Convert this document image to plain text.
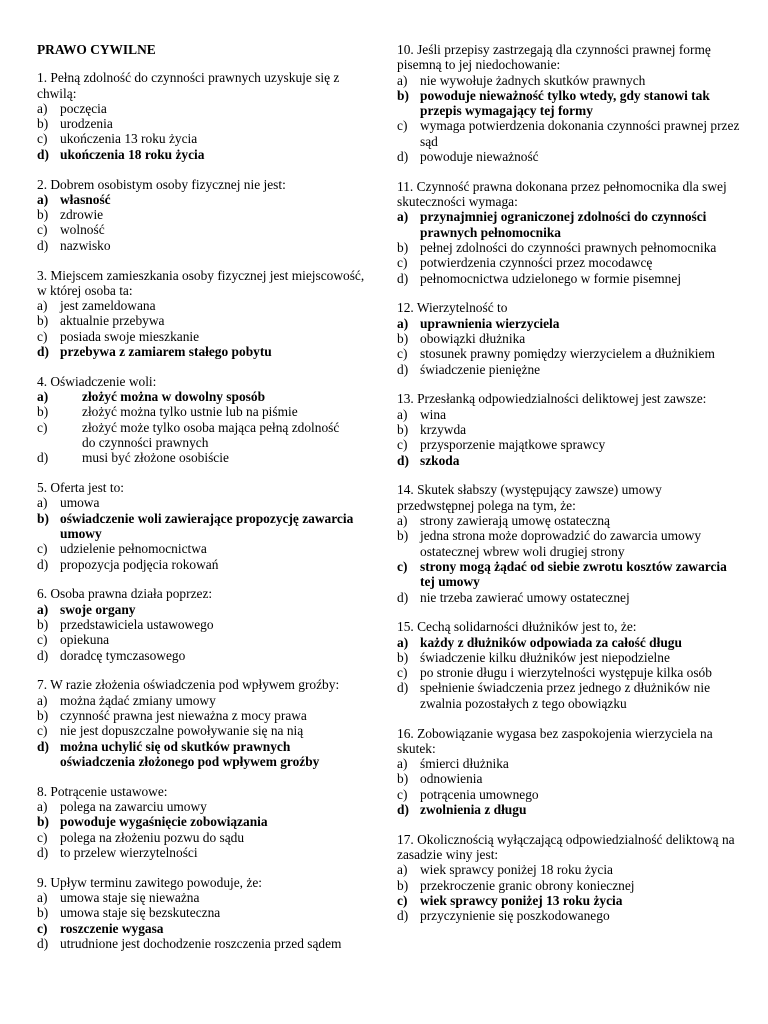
PRAWO CYWILNE

1. Pełną zdolność do czynności prawnych uzyskuje się z chwilą:

a) poczęcia
b) urodzenia
c) ukończenia 13 roku życia
d) ukończenia 18 roku życia

2. Dobrem osobistym osoby fizycznej nie jest:

a) własność
b) zdrowie
c) wolność
d) nazwisko

3. Miejscem zamieszkania osoby fizycznej jest miejscowość, w której osoba ta:

a) jest zameldowana
b) aktualnie przebywa
c) posiada swoje mieszkanie
d) przebywa z zamiarem stałego pobytu

4. Oświadczenie woli:

a)	złożyć można w dowolny sposób
b)	złożyć można tylko ustnie lub na piśmie
c)	złożyć może tylko osoba mająca pełną zdolność
do czynności prawnych
d)	musi być złożone osobiście

5. Oferta jest to:

a) umowa
b) oświadczenie woli zawierające propozycję zawarcia umowy
c) udzielenie pełnomocnictwa
d) propozycja podjęcia rokowań

6. Osoba prawna działa poprzez:

a) swoje organy
b) przedstawiciela ustawowego
c) opiekuna
d) doradcę tymczasowego

7. W razie złożenia oświadczenia pod wpływem groźby:

a) można żądać zmiany umowy
b) czynność prawna jest nieważna z mocy prawa
c) nie jest dopuszczalne powoływanie się na nią
d) można uchylić się od skutków prawnych oświadczenia złożonego pod wpływem groźby

8. Potrącenie ustawowe:

a) polega na zawarciu umowy
b) powoduje wygaśnięcie zobowiązania
c) polega na złożeniu pozwu do sądu
d) to przelew wierzytelności

9. Upływ terminu zawitego powoduje, że:

a) umowa staje się nieważna
b) umowa staje się bezskuteczna
c) roszczenie wygasa
d) utrudnione jest dochodzenie roszczenia przed sądem

10. Jeśli przepisy zastrzegają dla czynności prawnej formę pisemną to jej niedochowanie:

a) nie wywołuje żadnych skutków prawnych
b) powoduje nieważność tylko wtedy, gdy stanowi tak przepis wymagający tej formy
c) wymaga potwierdzenia dokonania czynności prawnej przez sąd
d) powoduje nieważność

11. Czynność prawna dokonana przez pełnomocnika dla swej skuteczności wymaga:

a) przynajmniej ograniczonej zdolności do czynności prawnych pełnomocnika
b) pełnej zdolności do czynności prawnych pełnomocnika
c) potwierdzenia czynności przez mocodawcę
d) pełnomocnictwa udzielonego w formie pisemnej

12. Wierzytelność to

a) uprawnienia wierzyciela
b) obowiązki dłużnika
c) stosunek prawny pomiędzy wierzycielem a dłużnikiem
d) świadczenie pieniężne

13. Przesłanką odpowiedzialności deliktowej jest zawsze:

a) wina
b) krzywda
c) przysporzenie majątkowe sprawcy
d) szkoda

14. Skutek słabszy (występujący zawsze) umowy przedwstępnej polega na tym, że:

a) strony zawierają umowę ostateczną
b) jedna strona może doprowadzić do zawarcia umowy ostatecznej wbrew woli drugiej strony
c) strony mogą żądać od siebie zwrotu kosztów zawarcia tej umowy
d) nie trzeba zawierać umowy ostatecznej

15. Cechą solidarności dłużników jest to, że:

a) każdy z dłużników odpowiada za całość długu
b) świadczenie kilku dłużników jest niepodzielne
c) po stronie długu i wierzytelności występuje kilka osób
d) spełnienie świadczenia przez jednego z dłużników nie zwalnia pozostałych z tego obowiązku

16. Zobowiązanie wygasa bez zaspokojenia wierzyciela na skutek:

a) śmierci dłużnika
b) odnowienia
c) potrącenia umownego
d) zwolnienia z długu

17. Okolicznością wyłączającą odpowiedzialność deliktową na zasadzie winy jest:

a) wiek sprawcy poniżej 18 roku życia
b) przekroczenie granic obrony koniecznej
c) wiek sprawcy poniżej 13 roku życia
d) przyczynienie się poszkodowanego
